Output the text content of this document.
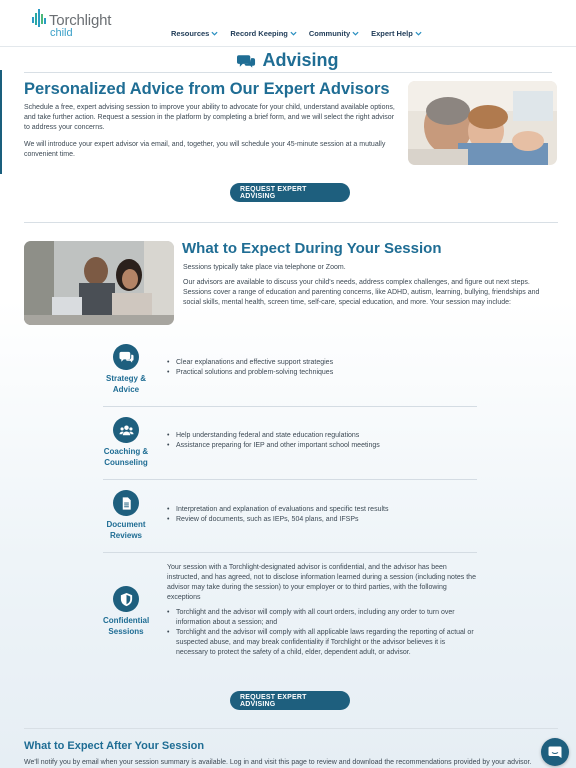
Torchlight
child	Resources	Record Keeping	Community	Expert Help
Advising
Personalized Advice from Our Expert Advisors

Schedule a free, expert advising session to improve your ability to advocate for your child, understand available options, and take further action. Request a session in the platform by completing a brief form, and we will select the right advisor to address your concerns.

We will introduce your expert advisor via email, and, together, you will schedule your 45-minute session at a mutually convenient time.

REQUEST EXPERT ADVISING
What to Expect During Your Session

Sessions typically take place via telephone or Zoom.

Our advisors are available to discuss your child's needs, address complex challenges, and figure out next steps. Sessions cover a range of education and parenting concerns, like ADHD, autism, learning, bullying, friendships and social skills, mental health, screen time, self-care, special education, and more. Your session may include:

Strategy & Advice
• Clear explanations and effective support strategies
• Practical solutions and problem-solving techniques
Coaching & Counseling
• Help understanding federal and state education regulations
• Assistance preparing for IEP and other important school meetings
Document Reviews
• Interpretation and explanation of evaluations and specific test results
• Review of documents, such as IEPs, 504 plans, and IFSPs
Confidential Sessions

Your session with a Torchlight-designated advisor is confidential, and the advisor has been instructed, and has agreed, not to disclose information learned during a session (including notes the advisor may take during the session) to your employer or to third parties, with the following exceptions

• Torchlight and the advisor will comply with all court orders, including any order to turn over information about a session; and
• Torchlight and the advisor will comply with all applicable laws regarding the reporting of actual or suspected abuse, and may break confidentiality if Torchlight or the advisor believes it is necessary to protect the safety of a child, elder, dependent adult, or advisor.
REQUEST EXPERT ADVISING
What to Expect After Your Session

We'll notify you by email when your session summary is available. Log in and visit this page to review and download the recommendations provided by your advisor.
